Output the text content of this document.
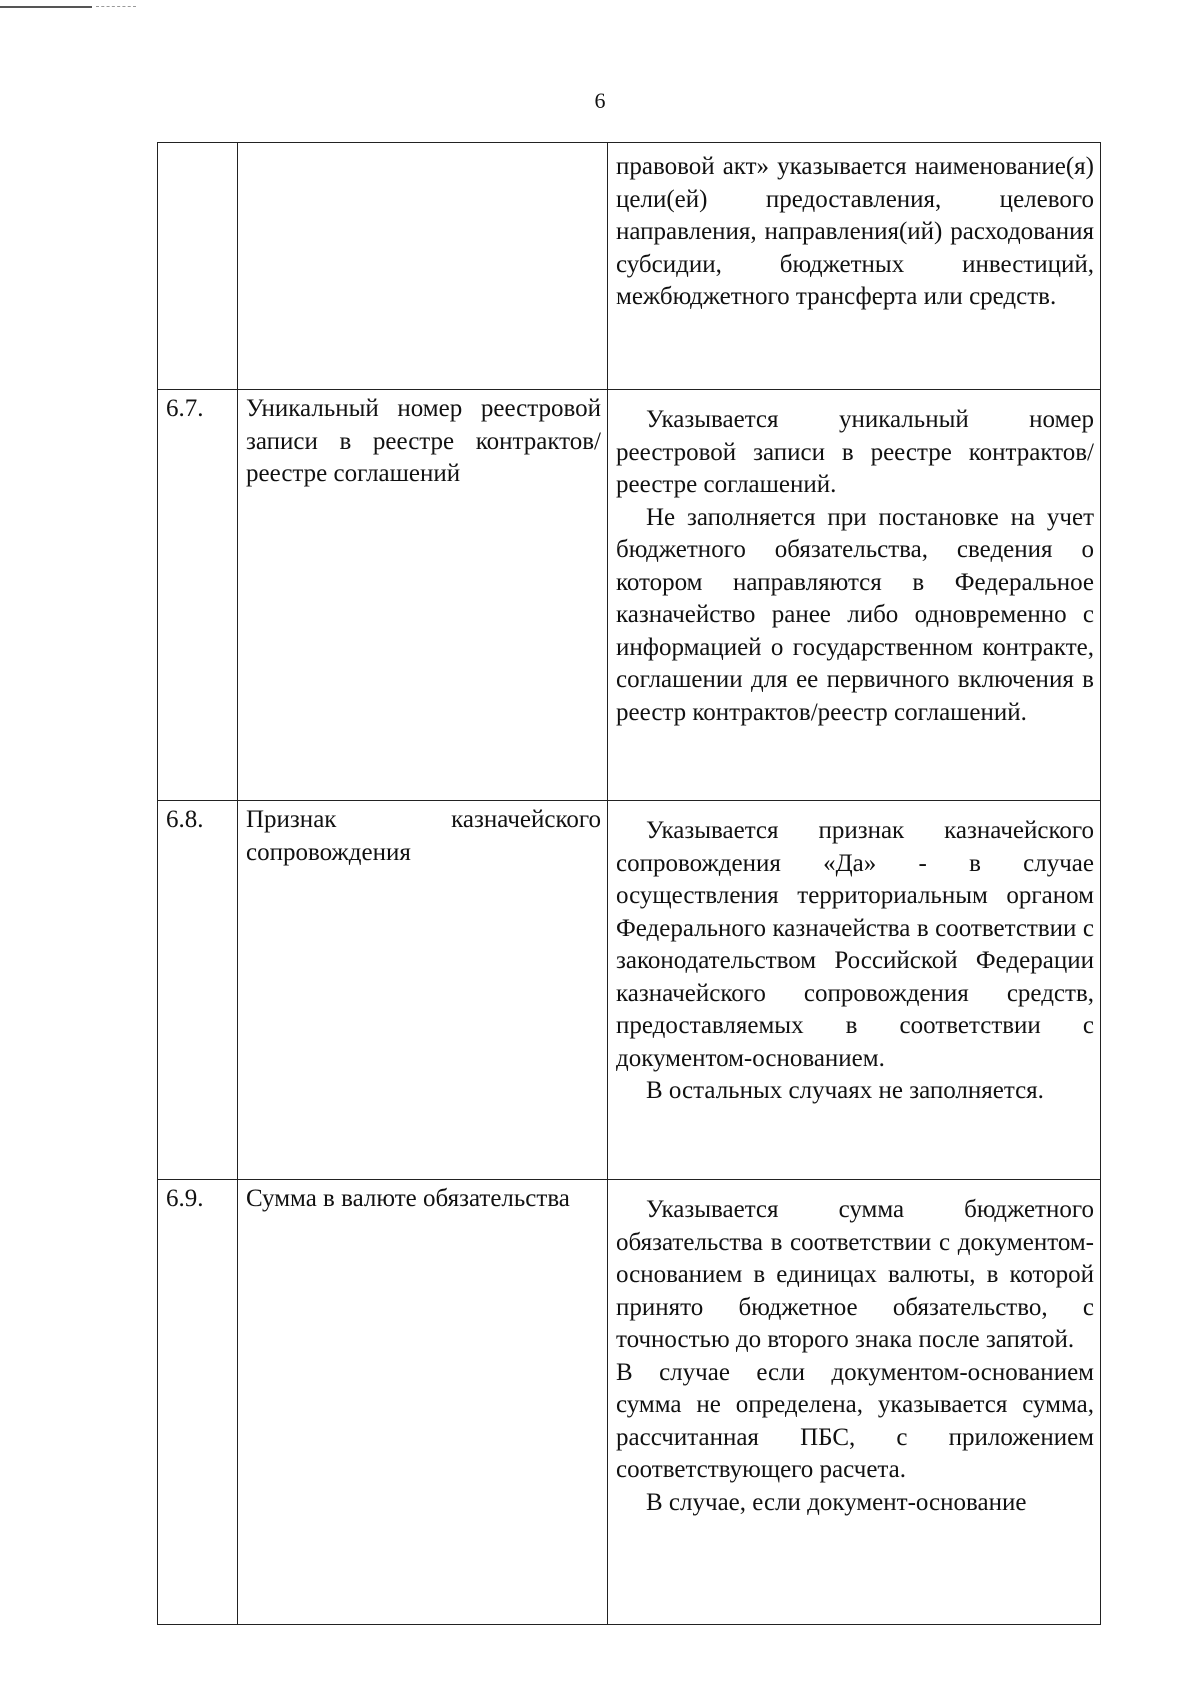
6

		правовой акт» указывается наименование(я) цели(ей) предоставления, целевого направления, направления(ий) расходования субсидии, бюджетных инвестиций, межбюджетного трансферта или средств.

6.7.	Уникальный номер реестровой записи в реестре контрактов/реестре соглашений	Указывается уникальный номер реестровой записи в реестре контрактов/реестре соглашений.
Не заполняется при постановке на учет бюджетного обязательства, сведения о котором направляются в Федеральное казначейство ранее либо одновременно с информацией о государственном контракте, соглашении для ее первичного включения в реестр контрактов/реестр соглашений.

6.8.	Признак казначейского сопровождения	Указывается признак казначейского сопровождения «Да» - в случае осуществления территориальным органом Федерального казначейства в соответствии с законодательством Российской Федерации казначейского сопровождения средств, предоставляемых в соответствии с документом-основанием.
В остальных случаях не заполняется.

6.9.	Сумма в валюте обязательства	Указывается сумма бюджетного обязательства в соответствии с документом-основанием в единицах валюты, в которой принято бюджетное обязательство, с точностью до второго знака после запятой.
В случае если документом-основанием сумма не определена, указывается сумма, рассчитанная ПБС, с приложением соответствующего расчета.
В случае, если документ-основание
